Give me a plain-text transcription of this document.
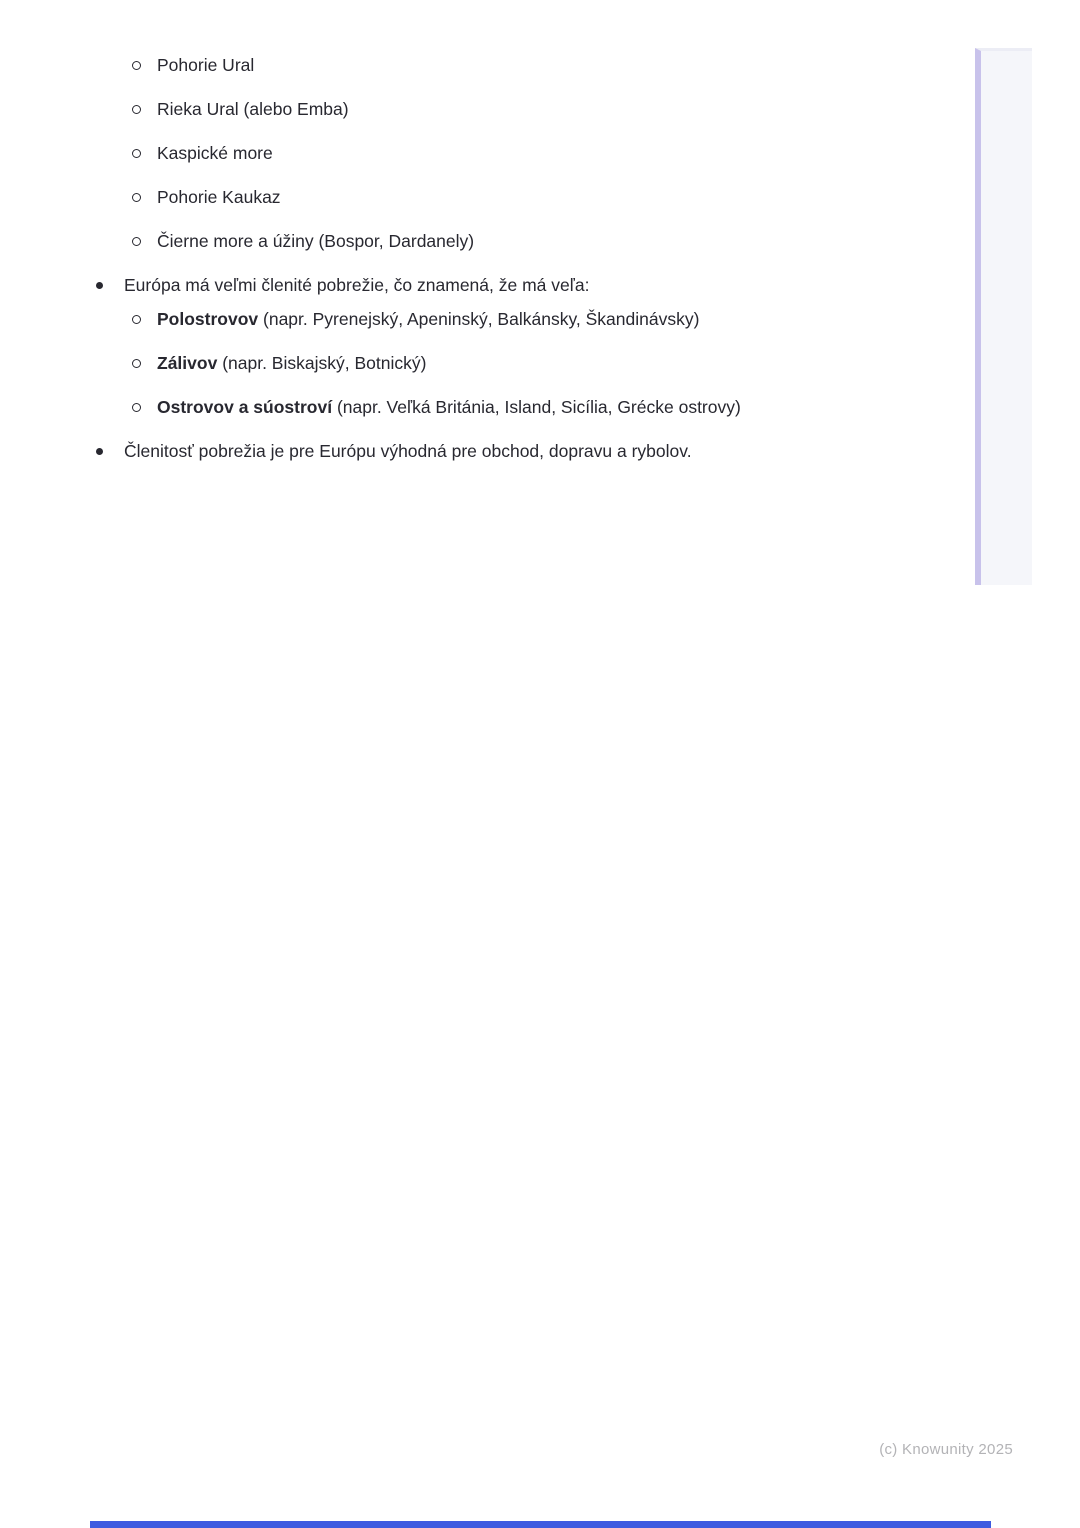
Pohorie Ural
Rieka Ural (alebo Emba)
Kaspické more
Pohorie Kaukaz
Čierne more a úžiny (Bospor, Dardanely)
Európa má veľmi členité pobrežie, čo znamená, že má veľa:
Polostrovov (napr. Pyrenejský, Apeninský, Balkánsky, Škandinávsky)
Zálivov (napr. Biskajský, Botnický)
Ostrovov a súostroví (napr. Veľká Británia, Island, Sicília, Grécke ostrovy)
Členitosť pobrežia je pre Európu výhodná pre obchod, dopravu a rybolov.
(c) Knowunity 2025
